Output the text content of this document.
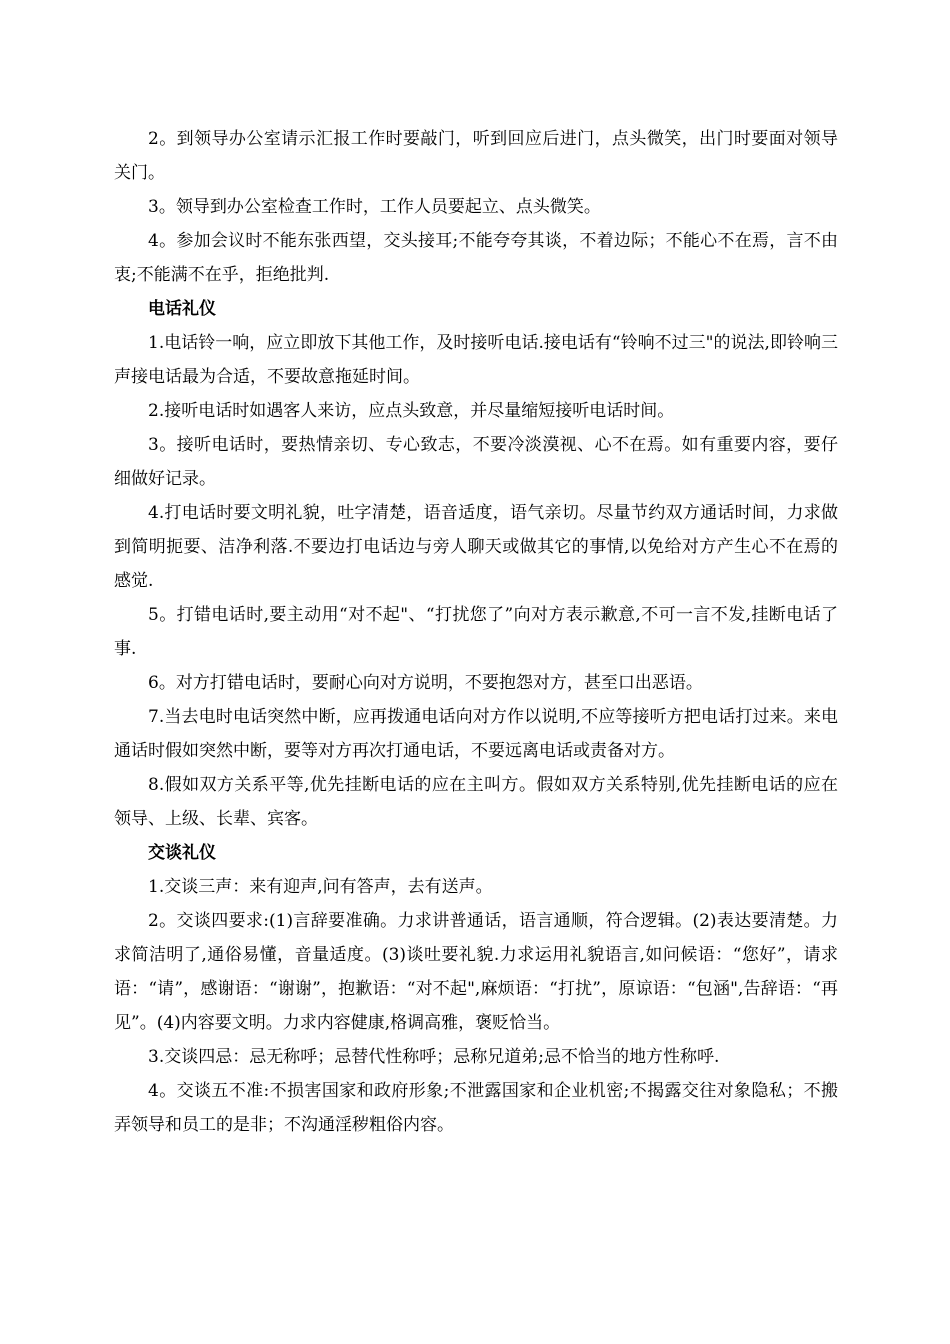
2。到领导办公室请示汇报工作时要敲门，听到回应后进门，点头微笑，出门时要面对领导关门。

3。领导到办公室检查工作时，工作人员要起立、点头微笑。

4。参加会议时不能东张西望，交头接耳;不能夸夸其谈，不着边际；不能心不在焉，言不由衷;不能满不在乎，拒绝批判.

电话礼仪

1.电话铃一响，应立即放下其他工作，及时接听电话.接电话有“铃响不过三"的说法,即铃响三声接电话最为合适，不要故意拖延时间。

2.接听电话时如遇客人来访，应点头致意，并尽量缩短接听电话时间。

3。接听电话时，要热情亲切、专心致志，不要冷淡漠视、心不在焉。如有重要内容，要仔细做好记录。

4.打电话时要文明礼貌，吐字清楚，语音适度，语气亲切。尽量节约双方通话时间，力求做到简明扼要、洁净利落.不要边打电话边与旁人聊天或做其它的事情,以免给对方产生心不在焉的感觉.

5。打错电话时,要主动用“对不起"、“打扰您了”向对方表示歉意,不可一言不发,挂断电话了事.

6。对方打错电话时，要耐心向对方说明，不要抱怨对方，甚至口出恶语。

7.当去电时电话突然中断，应再拨通电话向对方作以说明,不应等接听方把电话打过来。来电通话时假如突然中断，要等对方再次打通电话，不要远离电话或责备对方。

8.假如双方关系平等,优先挂断电话的应在主叫方。假如双方关系特别,优先挂断电话的应在领导、上级、长辈、宾客。

交谈礼仪

1.交谈三声：来有迎声,问有答声，去有送声。

2。交谈四要求:(1)言辞要准确。力求讲普通话，语言通顺，符合逻辑。(2)表达要清楚。力求简洁明了,通俗易懂，音量适度。(3)谈吐要礼貌.力求运用礼貌语言,如问候语：“您好”，请求语：“请”，感谢语：“谢谢”，抱歉语：“对不起",麻烦语：“打扰”，原谅语：“包涵",告辞语：“再见”。(4)内容要文明。力求内容健康,格调高雅，褒贬恰当。

3.交谈四忌：忌无称呼；忌替代性称呼；忌称兄道弟;忌不恰当的地方性称呼.

4。交谈五不准:不损害国家和政府形象;不泄露国家和企业机密;不揭露交往对象隐私；不搬弄领导和员工的是非；不沟通淫秽粗俗内容。
